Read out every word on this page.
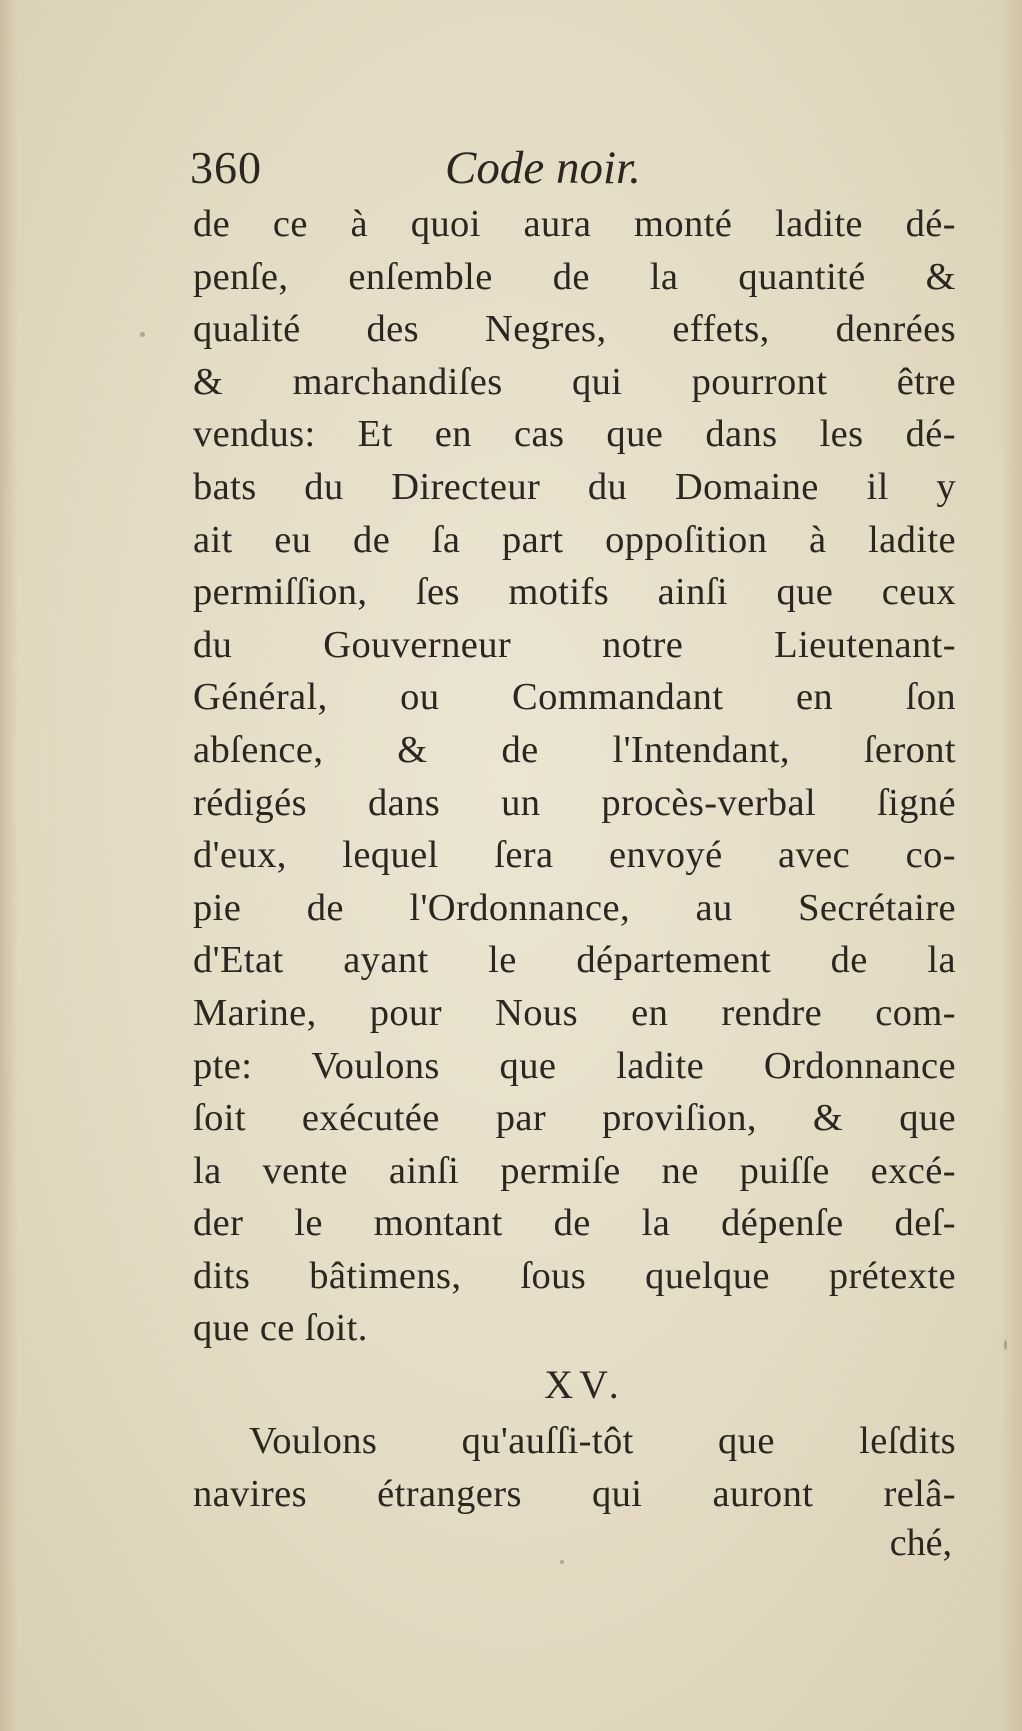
360	Code noir.
de ce à quoi aura monté ladite dé-
penſe, enſemble de la quantité &
qualité des Negres, effets, denrées
& marchandiſes qui pourront être
vendus: Et en cas que dans les dé-
bats du Directeur du Domaine il y
ait eu de ſa part oppoſition à ladite
permiſſion, ſes motifs ainſi que ceux
du Gouverneur notre Lieutenant-
Général, ou Commandant en ſon
abſence, & de l'Intendant, ſeront
rédigés dans un procès-verbal ſigné
d'eux, lequel ſera envoyé avec co-
pie de l'Ordonnance, au Secrétaire
d'Etat ayant le département de la
Marine, pour Nous en rendre com-
pte: Voulons que ladite Ordonnance
ſoit exécutée par proviſion, & que
la vente ainſi permiſe ne puiſſe excé-
der le montant de la dépenſe deſ-
dits bâtimens, ſous quelque prétexte
que ce ſoit.
XV.
Voulons qu'auſſi-tôt que leſdits
navires étrangers qui auront relâ-
ché,
